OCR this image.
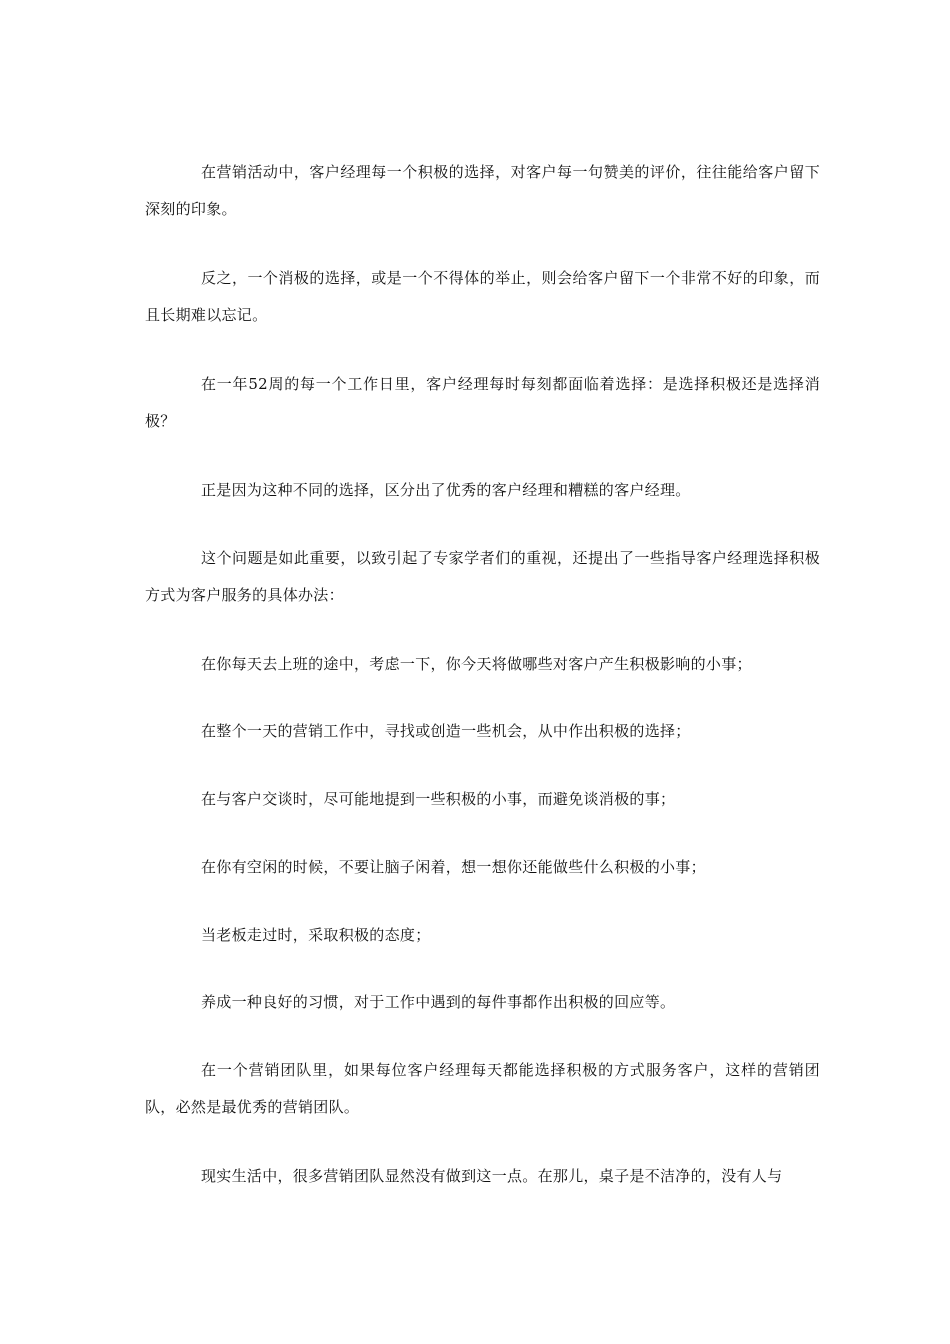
在营销活动中，客户经理每一个积极的选择，对客户每一句赞美的评价，往往能给客户留下深刻的印象。

反之，一个消极的选择，或是一个不得体的举止，则会给客户留下一个非常不好的印象，而且长期难以忘记。

在一年52周的每一个工作日里，客户经理每时每刻都面临着选择：是选择积极还是选择消极？

正是因为这种不同的选择，区分出了优秀的客户经理和糟糕的客户经理。

这个问题是如此重要，以致引起了专家学者们的重视，还提出了一些指导客户经理选择积极方式为客户服务的具体办法：

在你每天去上班的途中，考虑一下，你今天将做哪些对客户产生积极影响的小事；

在整个一天的营销工作中，寻找或创造一些机会，从中作出积极的选择；

在与客户交谈时，尽可能地提到一些积极的小事，而避免谈消极的事；

在你有空闲的时候，不要让脑子闲着，想一想你还能做些什么积极的小事；

当老板走过时，采取积极的态度；

养成一种良好的习惯，对于工作中遇到的每件事都作出积极的回应等。

在一个营销团队里，如果每位客户经理每天都能选择积极的方式服务客户，这样的营销团队，必然是最优秀的营销团队。

现实生活中，很多营销团队显然没有做到这一点。在那儿，桌子是不洁净的，没有人与
